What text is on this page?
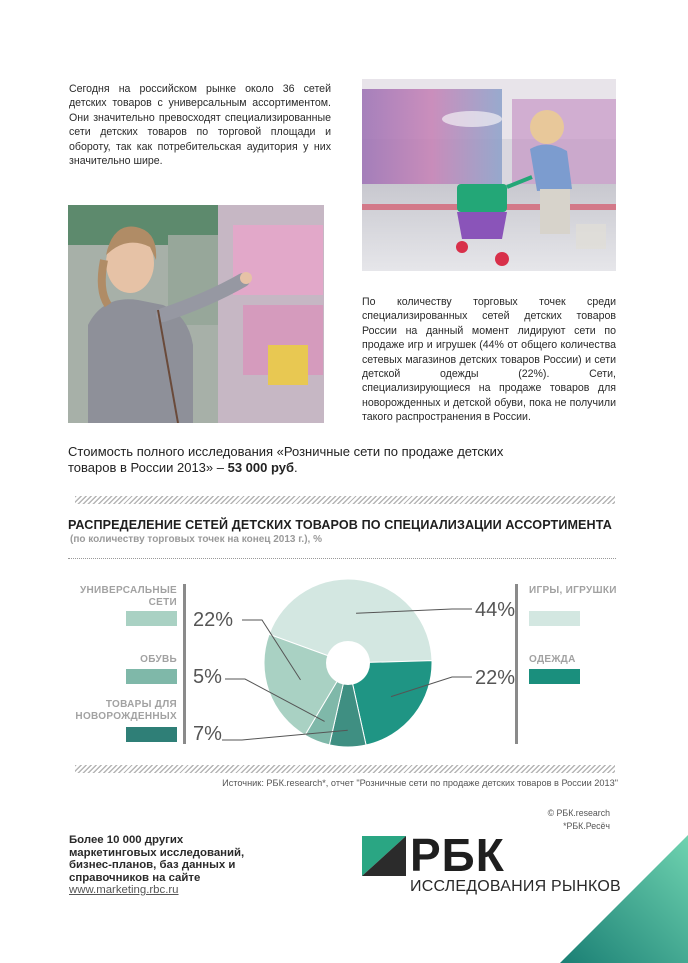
Сегодня на российском рынке около 36 сетей детских товаров с универсальным ассортиментом. Они значительно превосходят специализированные сети детских товаров по торговой площади и обороту, так как потребительская аудитория у них значительно шире.
По количеству торговых точек среди специализированных сетей детских товаров России на данный момент лидируют сети по продаже игр и игрушек (44% от общего количества сетевых магазинов детских товаров России) и сети детской одежды (22%). Сети, специализирующиеся на продаже товаров для новорожденных и детской обуви, пока не получили такого распространения в России.
Стоимость полного исследования «Розничные сети по продаже детских
товаров в России 2013» – 53 000 руб.
РАСПРЕДЕЛЕНИЕ СЕТЕЙ ДЕТСКИХ ТОВАРОВ ПО СПЕЦИАЛИЗАЦИИ АССОРТИМЕНТА
(по количеству торговых точек на конец 2013 г.), %
УНИВЕРСАЛЬНЫЕ
СЕТИ
ОБУВЬ
ТОВАРЫ ДЛЯ
НОВОРОЖДЕННЫХ
ИГРЫ, ИГРУШКИ
ОДЕЖДА
44%
22%
22%
5%
7%
Источник: РБК.research*, отчет "Розничные сети по продаже детских товаров в России 2013"
© РБК.research
*РБК.Ресёч
Более 10 000 других
маркетинговых исследований,
бизнес-планов, баз данных и
справочников на сайте
www.marketing.rbc.ru
РБК
ИССЛЕДОВАНИЯ РЫНКОВ
